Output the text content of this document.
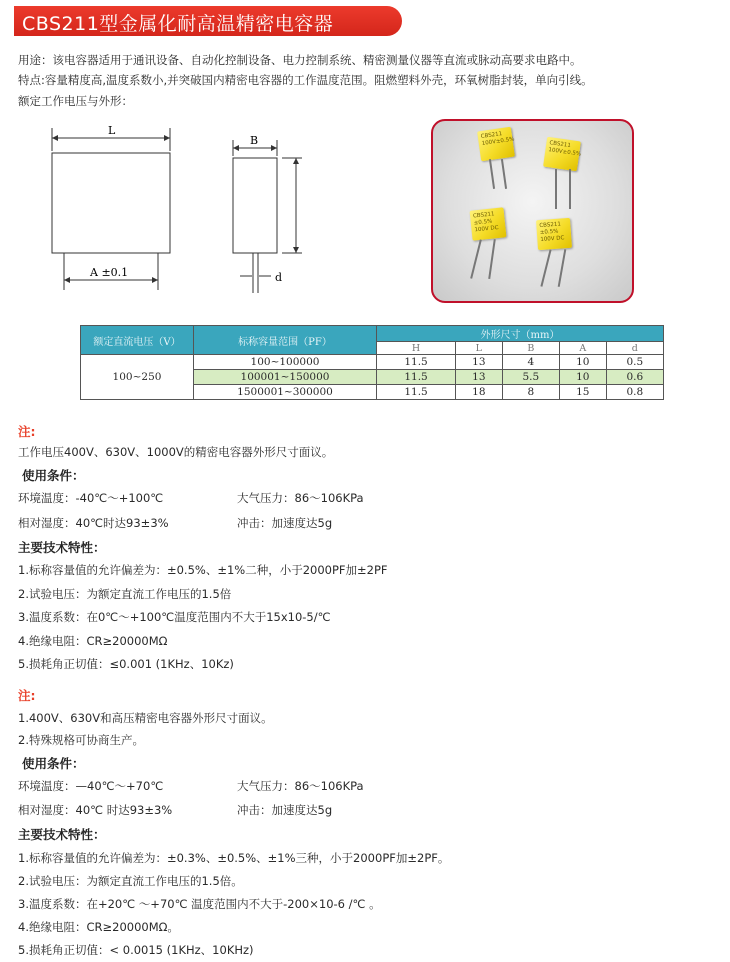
CBS211型金属化耐高温精密电容器
用途：该电容器适用于通讯设备、自动化控制设备、电力控制系统、精密测量仪器等直流或脉动高要求电路中。
特点:容量精度高,温度系数小,并突破国内精密电容器的工作温度范围。阻燃塑料外壳，环氧树脂封装，单向引线。
额定工作电压与外形：
L
A ±0.1
B
d
CBS211 100V±0.5%	CBS211 100V±0.5%
CBS211 ±0.5% 100V DC	CBS211 ±0.5% 100V DC
额定直流电压（V）	标称容量范围（PF）	外形尺寸（mm）				
		H	L	B	A	d
100~250	100~100000	11.5	13	4	10	0.5
	100001~150000	11.5	13	5.5	10	0.6
	1500001~300000	11.5	18	8	15	0.8
注:
工作电压400V、630V、1000V的精密电容器外形尺寸面议。
使用条件：
环境温度：-40℃～+100℃	大气压力：86～106KPa
相对湿度：40℃时达93±3%	冲击：加速度达5g
主要技术特性：
1.标称容量值的允许偏差为：±0.5%、±1%二种，小于2000PF加±2PF
2.试验电压：为额定直流工作电压的1.5倍
3.温度系数：在0℃～+100℃温度范围内不大于15x10-5/℃
4.绝缘电阻：CR≥20000MΩ
5.损耗角正切值：≤0.001 (1KHz、10Kz)
注:
1.400V、630V和高压精密电容器外形尺寸面议。
2.特殊规格可协商生产。
使用条件：
环境温度：—40℃～+70℃	大气压力：86～106KPa
相对湿度：40℃ 时达93±3%	冲击：加速度达5g
主要技术特性：
1.标称容量值的允许偏差为：±0.3%、±0.5%、±1%三种，小于2000PF加±2PF。
2.试验电压：为额定直流工作电压的1.5倍。
3.温度系数：在+20℃ ～+70℃ 温度范围内不大于-200×10-6 /℃ 。
4.绝缘电阻：CR≥20000MΩ。
5.损耗角正切值：< 0.0015 (1KHz、10KHz)
